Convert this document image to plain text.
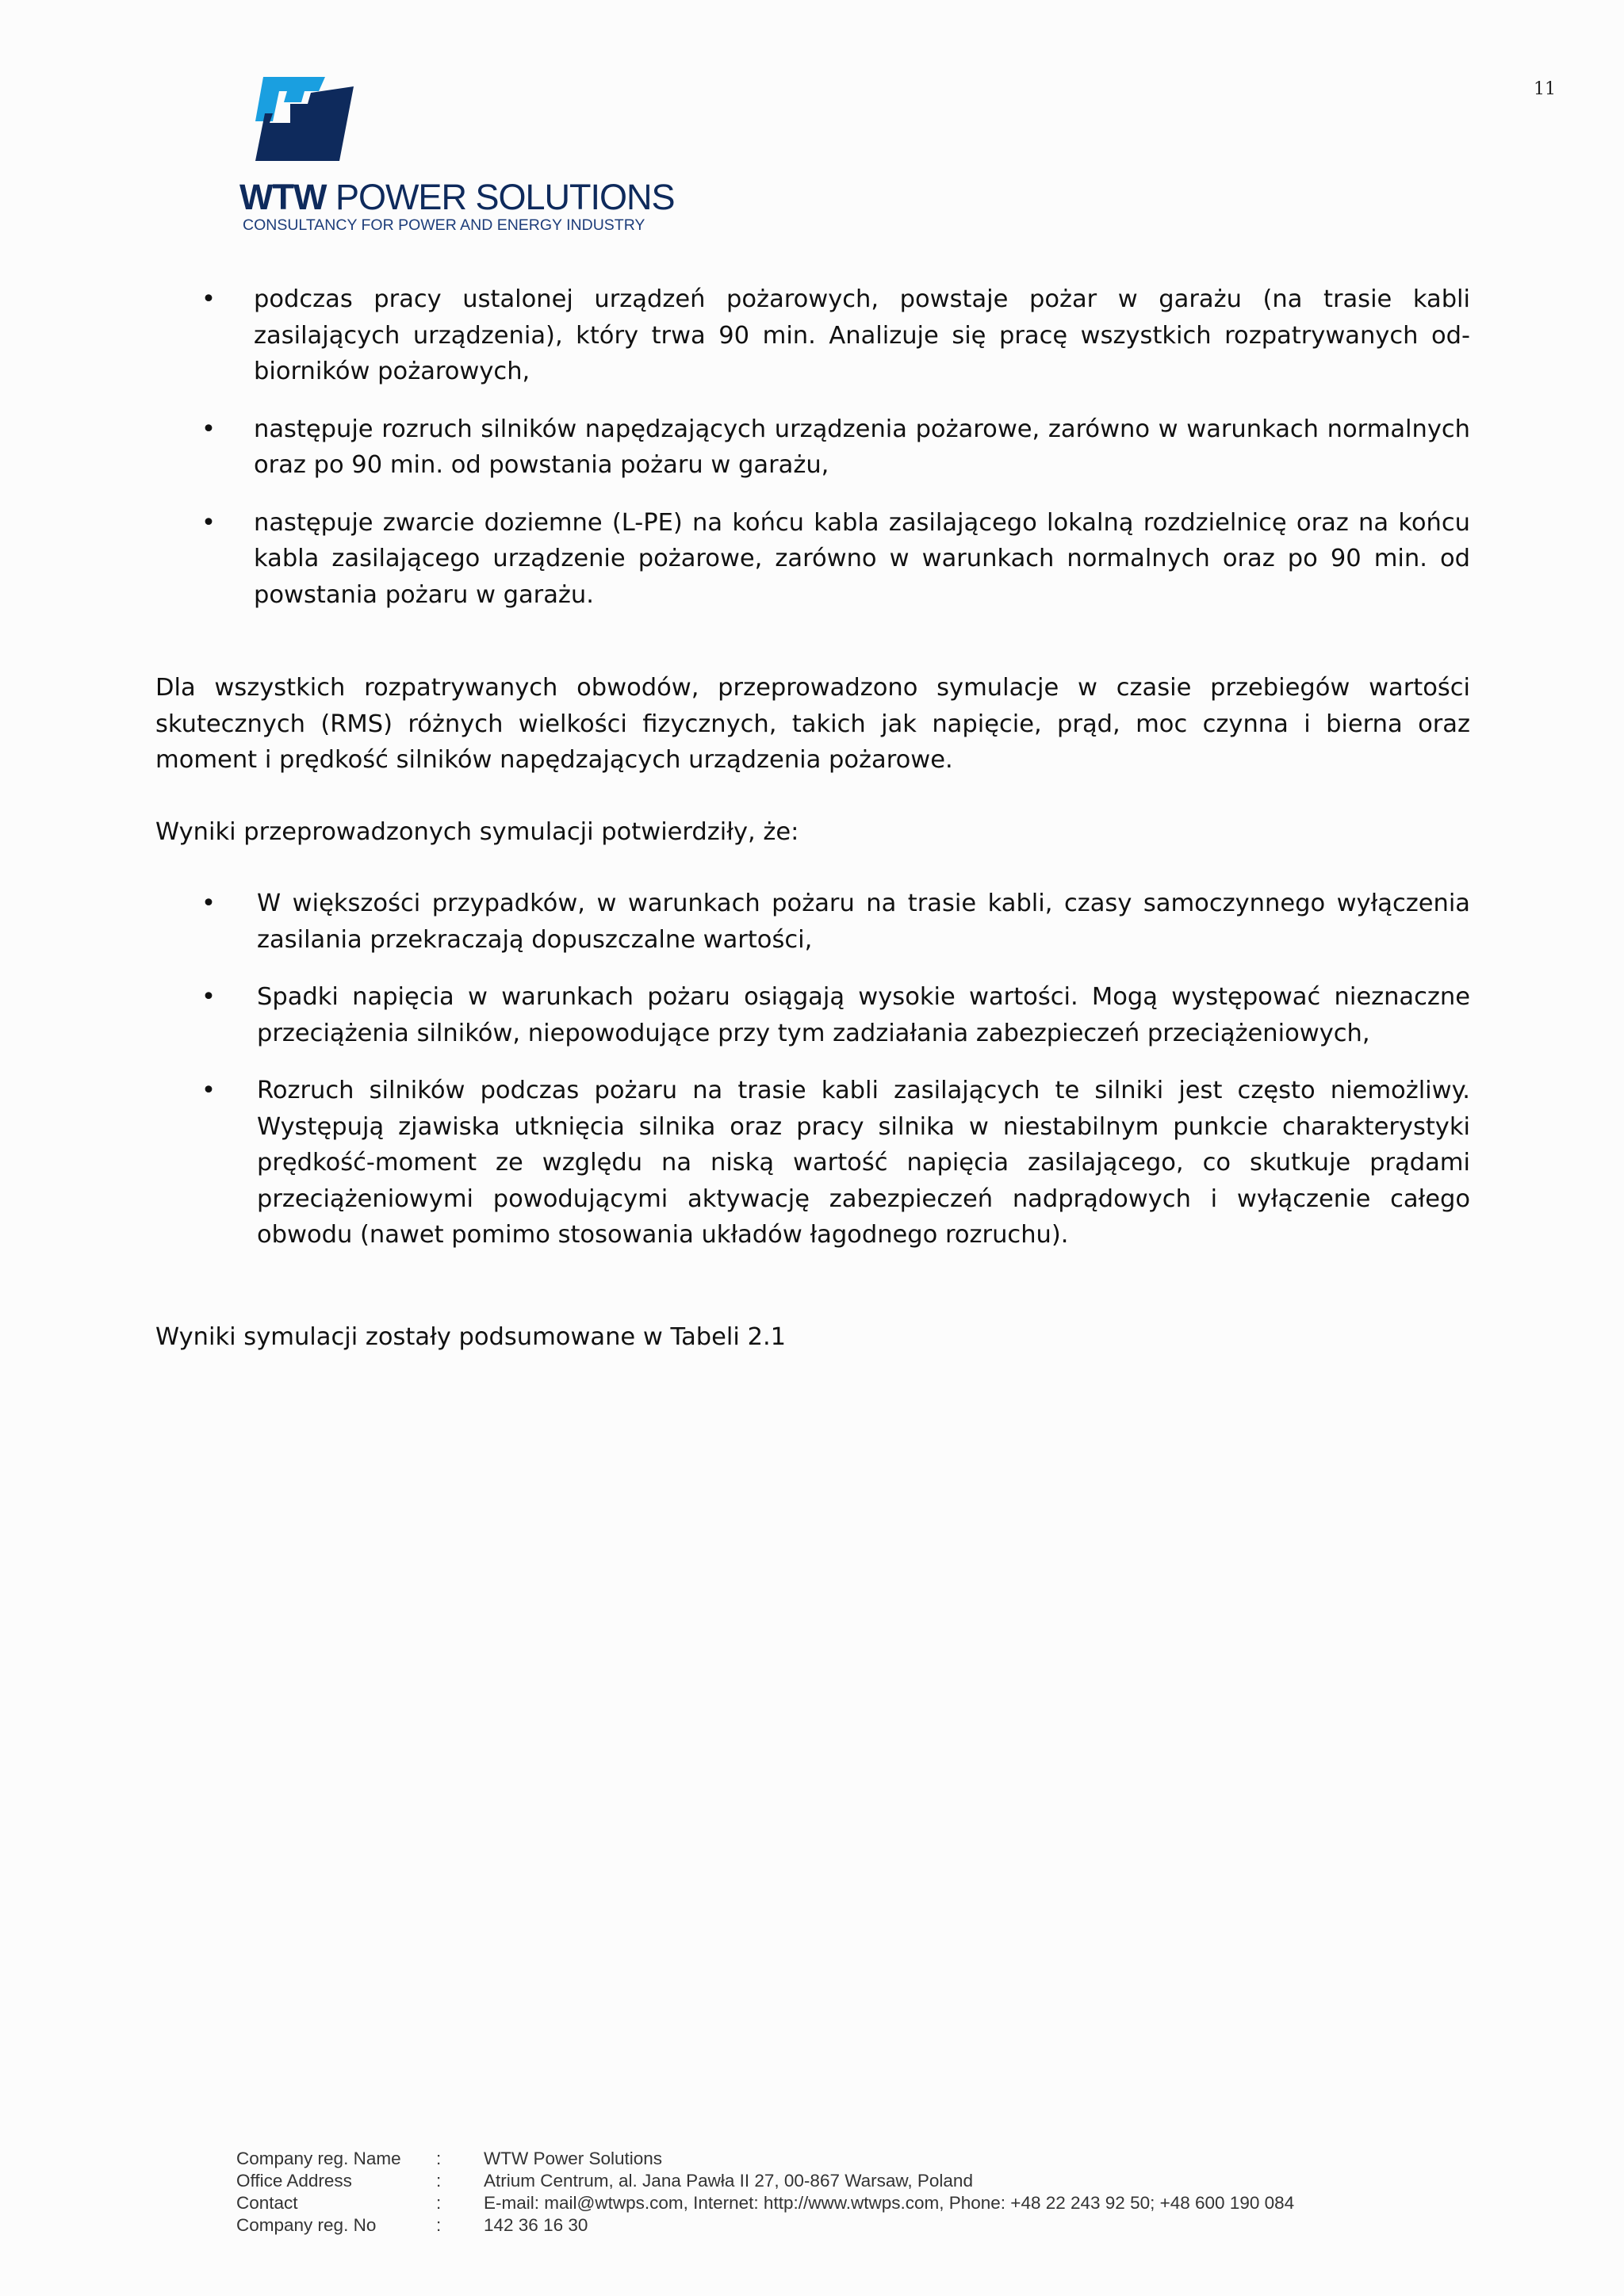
11
WTW POWER SOLUTIONS
CONSULTANCY FOR POWER AND ENERGY INDUSTRY
• podczas pracy ustalonej urządzeń pożarowych, powstaje pożar w garażu (na trasie kabli zasilających urządzenia), który trwa 90 min. Analizuje się pracę wszystkich rozpatrywanych od-biorników pożarowych,
• następuje rozruch silników napędzających urządzenia pożarowe, zarówno w warunkach normalnych oraz po 90 min. od powstania pożaru w garażu,
• następuje zwarcie doziemne (L-PE) na końcu kabla zasilającego lokalną rozdzielnicę oraz na końcu kabla zasilającego urządzenie pożarowe, zarówno w warunkach normalnych oraz po 90 min. od powstania pożaru w garażu.

Dla wszystkich rozpatrywanych obwodów, przeprowadzono symulacje w czasie przebiegów wartości skutecznych (RMS) różnych wielkości fizycznych, takich jak napięcie, prąd, moc czynna i bierna oraz moment i prędkość silników napędzających urządzenia pożarowe.

Wyniki przeprowadzonych symulacji potwierdziły, że:

• W większości przypadków, w warunkach pożaru na trasie kabli, czasy samoczynnego wyłączenia zasilania przekraczają dopuszczalne wartości,
• Spadki napięcia w warunkach pożaru osiągają wysokie wartości. Mogą występować nieznaczne przeciążenia silników, niepowodujące przy tym zadziałania zabezpieczeń przeciążeniowych,
• Rozruch silników podczas pożaru na trasie kabli zasilających te silniki jest często niemożliwy. Występują zjawiska utknięcia silnika oraz pracy silnika w niestabilnym punkcie charakterystyki prędkość-moment ze względu na niską wartość napięcia zasilającego, co skutkuje prądami przeciążeniowymi powodującymi aktywację zabezpieczeń nadprądowych i wyłączenie całego obwodu (nawet pomimo stosowania układów łagodnego rozruchu).

Wyniki symulacji zostały podsumowane w Tabeli 2.1

Company reg. Name	:	WTW Power Solutions
Office Address	:	Atrium Centrum, al. Jana Pawła II 27, 00-867 Warsaw, Poland
Contact	:	E-mail: mail@wtwps.com, Internet: http://www.wtwps.com, Phone: +48 22 243 92 50; +48 600 190 084
Company reg. No	:	142 36 16 30
